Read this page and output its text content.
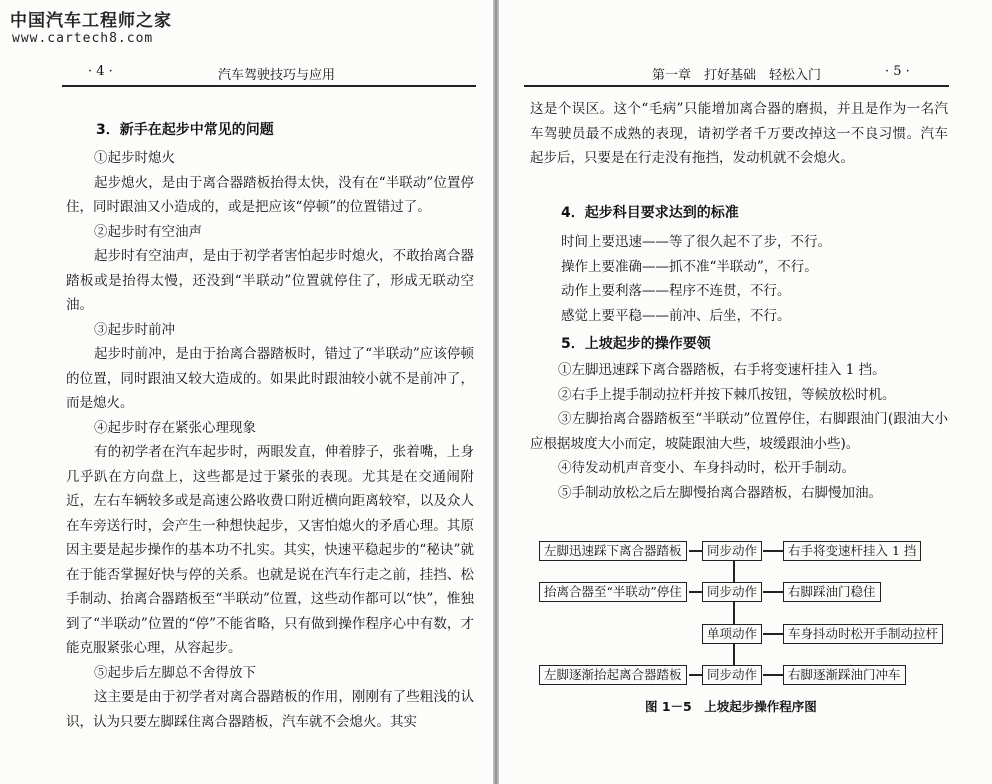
中国汽车工程师之家
www.cartech8.com
· 4 ·	汽车驾驶技巧与应用
3．新手在起步中常见的问题

①起步时熄火

起步熄火，是由于离合器踏板抬得太快，没有在“半联动”位置停住，同时跟油又小造成的，或是把应该“停顿”的位置错过了。

②起步时有空油声

起步时有空油声，是由于初学者害怕起步时熄火，不敢抬离合器踏板或是抬得太慢，还没到“半联动”位置就停住了，形成无联动空油。

③起步时前冲

起步时前冲，是由于抬离合器踏板时，错过了“半联动”应该停顿的位置，同时跟油又较大造成的。如果此时跟油较小就不是前冲了，而是熄火。

④起步时存在紧张心理现象

有的初学者在汽车起步时，两眼发直，伸着脖子，张着嘴，上身几乎趴在方向盘上，这些都是过于紧张的表现。尤其是在交通闹附近，左右车辆较多或是高速公路收费口附近横向距离较窄，以及众人在车旁送行时，会产生一种想快起步，又害怕熄火的矛盾心理。其原因主要是起步操作的基本功不扎实。其实，快速平稳起步的“秘诀”就在于能否掌握好快与停的关系。也就是说在汽车行走之前，挂挡、松手制动、抬离合器踏板至“半联动”位置，这些动作都可以“快”，惟独到了“半联动”位置的“停”不能省略，只有做到操作程序心中有数，才能克服紧张心理，从容起步。

⑤起步后左脚总不舍得放下

这主要是由于初学者对离合器踏板的作用，刚刚有了些粗浅的认识，认为只要左脚踩住离合器踏板，汽车就不会熄火。其实

第一章　打好基础　轻松入门	· 5 ·

这是个误区。这个“毛病”只能增加离合器的磨损，并且是作为一名汽车驾驶员最不成熟的表现，请初学者千万要改掉这一不良习惯。汽车起步后，只要是在行走没有拖挡，发动机就不会熄火。

4．起步科目要求达到的标准

时间上要迅速——等了很久起不了步，不行。

操作上要准确——抓不准“半联动”，不行。

动作上要利落——程序不连贯，不行。

感觉上要平稳——前冲、后坐，不行。

5．上坡起步的操作要领

①左脚迅速踩下离合器踏板，右手将变速杆挂入 1 挡。

②右手上提手制动拉杆并按下棘爪按钮，等候放松时机。

③左脚抬离合器踏板至“半联动”位置停住，右脚跟油门(跟油大小应根据坡度大小而定，坡陡跟油大些，坡缓跟油小些)。

④待发动机声音变小、车身抖动时，松开手制动。

⑤手制动放松之后左脚慢抬离合器踏板，右脚慢加油。

左脚迅速踩下离合器踏板
抬离合器至“半联动”停住
左脚逐渐抬起离合器踏板
同步动作
同步动作
单项动作
同步动作
右手将变速杆挂入 1 挡
右脚踩油门稳住
车身抖动时松开手制动拉杆
右脚逐渐踩油门冲车
图 1－5　上坡起步操作程序图
